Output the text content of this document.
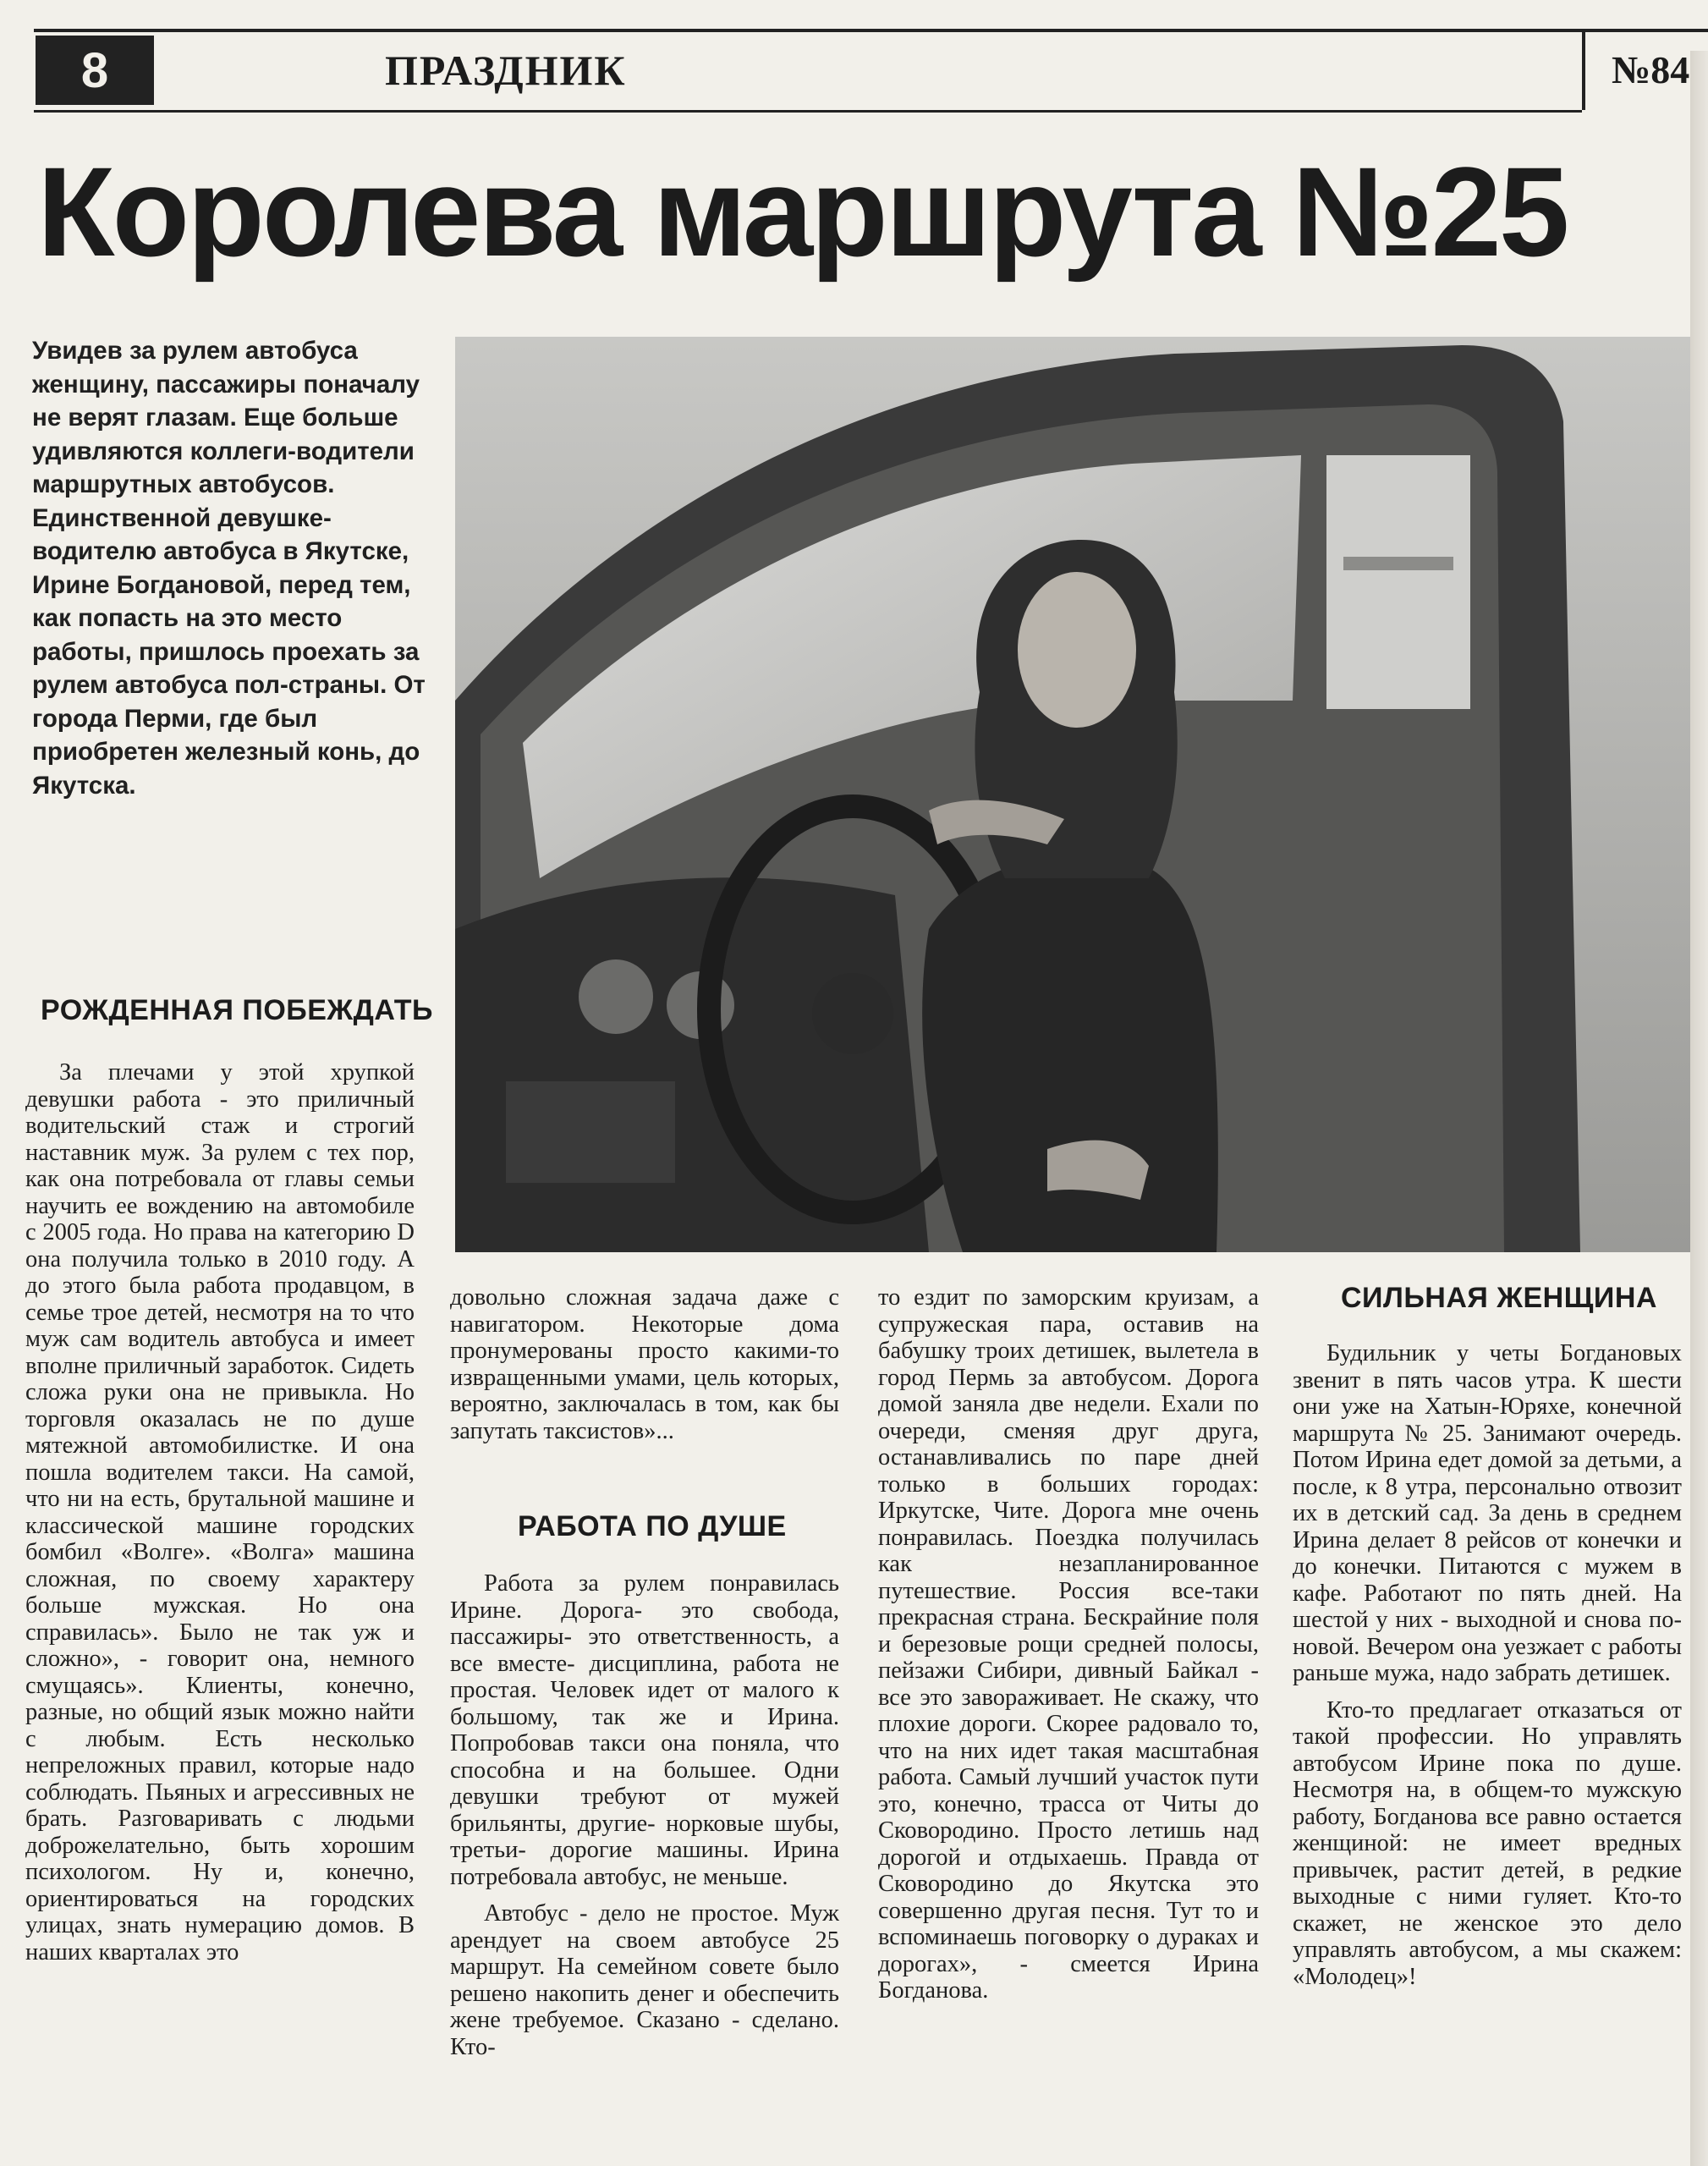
8	ПРАЗДНИК	№84
Королева маршрута №25
Увидев за рулем автобуса женщину, пассажиры поначалу не верят глазам. Еще больше удивляются коллеги-водители маршрутных автобусов. Единственной девушке-водителю автобуса в Якутске, Ирине Богдановой, перед тем, как попасть на это место работы, пришлось проехать за рулем автобуса пол-страны. От города Перми, где был приобретен железный конь, до Якутска.
РОЖДЕННАЯ ПОБЕЖДАТЬ

За плечами у этой хрупкой девушки работа - это приличный водительский стаж и строгий наставник муж. За рулем с тех пор, как она потребовала от главы семьи научить ее вождению на автомобиле с 2005 года. Но права на категорию D она получила только в 2010 году. А до этого была работа продавцом, в семье трое детей, несмотря на то что муж сам водитель автобуса и имеет вполне приличный заработок. Сидеть сложа руки она не привыкла. Но торговля оказалась не по душе мятежной автомобилистке. И она пошла водителем такси. На самой, что ни на есть, брутальной машине и классической машине городских бомбил «Волге». «Волга» машина сложная, по своему характеру больше мужская. Но она справилась». Было не так уж и сложно», - говорит она, немного смущаясь». Клиенты, конечно, разные, но общий язык можно найти с любым. Есть несколько непреложных правил, которые надо соблюдать. Пьяных и агрессивных не брать. Разговаривать с людьми доброжелательно, быть хорошим психологом. Ну и, конечно, ориентироваться на городских улицах, знать нумерацию домов. В наших кварталах это

довольно сложная задача даже с навигатором. Некоторые дома пронумерованы просто какими-то извращенными умами, цель которых, вероятно, заключалась в том, как бы запутать таксистов»...

РАБОТА ПО ДУШЕ

Работа за рулем понравилась Ирине. Дорога- это свобода, пассажиры- это ответственность, а все вместе- дисциплина, работа не простая. Человек идет от малого к большому, так же и Ирина. Попробовав такси она поняла, что способна и на большее. Одни девушки требуют от мужей брильянты, другие- норковые шубы, третьи- дорогие машины. Ирина потребовала автобус, не меньше.

Автобус - дело не простое. Муж арендует на своем автобусе 25 маршрут. На семейном совете было решено накопить денег и обеспечить жене требуемое. Сказано - сделано. Кто-

то ездит по заморским круизам, а супружеская пара, оставив на бабушку троих детишек, вылетела в город Пермь за автобусом. Дорога домой заняла две недели. Ехали по очереди, сменяя друг друга, останавливались по паре дней только в больших городах: Иркутске, Чите. Дорога мне очень понравилась. Поездка получилась как незапланированное путешествие. Россия все-таки прекрасная страна. Бескрайние поля и березовые рощи средней полосы, пейзажи Сибири, дивный Байкал - все это завораживает. Не скажу, что плохие дороги. Скорее радовало то, что на них идет такая масштабная работа. Самый лучший участок пути это, конечно, трасса от Читы до Сковородино. Просто летишь над дорогой и отдыхаешь. Правда от Сковородино до Якутска это совершенно другая песня. Тут то и вспоминаешь поговорку о дураках и дорогах», - смеется Ирина Богданова.

СИЛЬНАЯ ЖЕНЩИНА

Будильник у четы Богдановых звенит в пять часов утра. К шести они уже на Хатын-Юряхе, конечной маршрута № 25. Занимают очередь. Потом Ирина едет домой за детьми, а после, к 8 утра, персонально отвозит их в детский сад. За день в среднем Ирина делает 8 рейсов от конечки и до конечки. Питаются с мужем в кафе. Работают по пять дней. На шестой у них - выходной и снова по-новой. Вечером она уезжает с работы раньше мужа, надо забрать детишек.

Кто-то предлагает отказаться от такой профессии. Но управлять автобусом Ирине пока по душе. Несмотря на, в общем-то мужскую работу, Богданова все равно остается женщиной: не имеет вредных привычек, растит детей, в редкие выходные с ними гуляет. Кто-то скажет, не женское это дело управлять автобусом, а мы скажем: «Молодец»!
